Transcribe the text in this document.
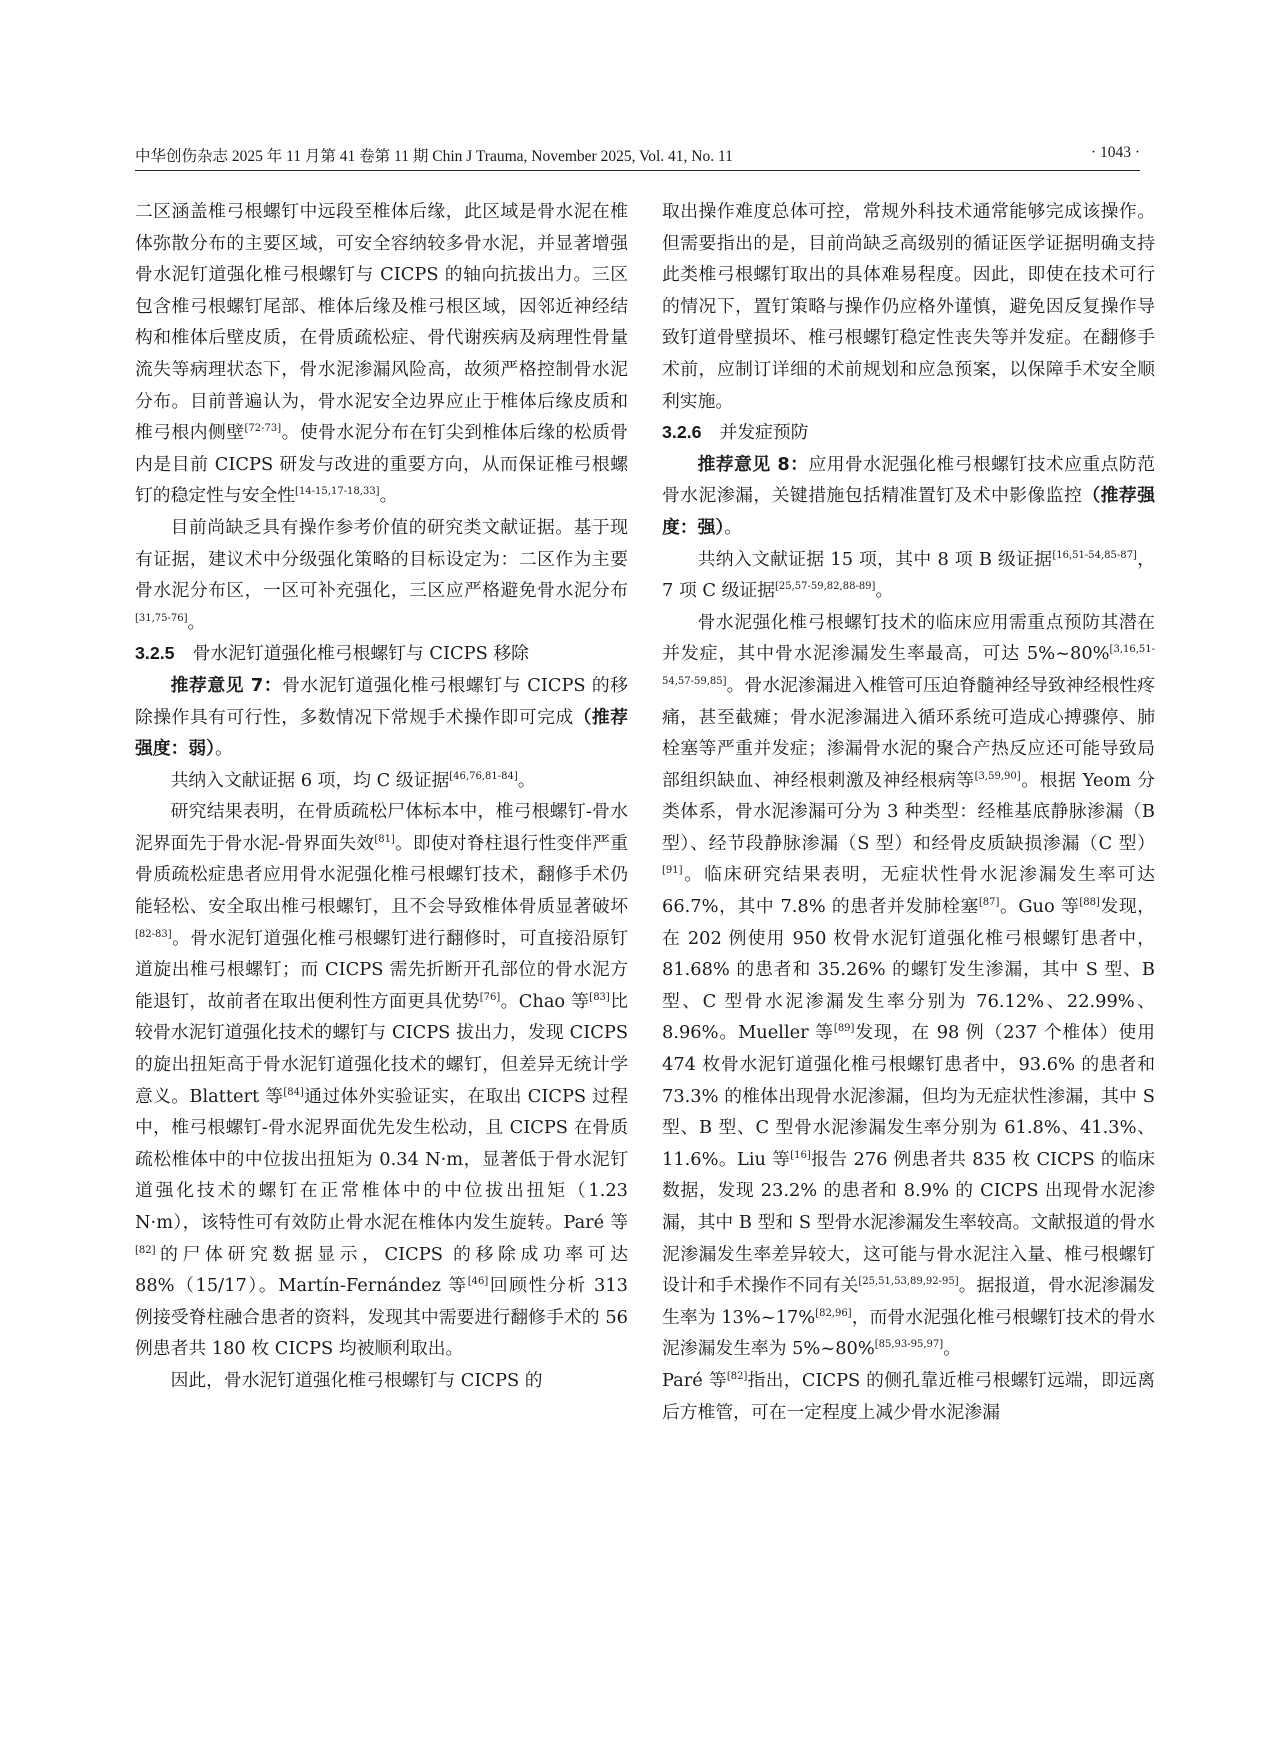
中华创伤杂志 2025 年 11 月第 41 卷第 11 期 Chin J Trauma, November 2025, Vol. 41, No. 11	· 1043 ·

二区涵盖椎弓根螺钉中远段至椎体后缘，此区域是骨水泥在椎体弥散分布的主要区域，可安全容纳较多骨水泥，并显著增强骨水泥钉道强化椎弓根螺钉与 CICPS 的轴向抗拔出力。三区包含椎弓根螺钉尾部、椎体后缘及椎弓根区域，因邻近神经结构和椎体后壁皮质，在骨质疏松症、骨代谢疾病及病理性骨量流失等病理状态下，骨水泥渗漏风险高，故须严格控制骨水泥分布。目前普遍认为，骨水泥安全边界应止于椎体后缘皮质和椎弓根内侧壁[72-73]。使骨水泥分布在钉尖到椎体后缘的松质骨内是目前 CICPS 研发与改进的重要方向，从而保证椎弓根螺钉的稳定性与安全性[14-15,17-18,33]。

目前尚缺乏具有操作参考价值的研究类文献证据。基于现有证据，建议术中分级强化策略的目标设定为：二区作为主要骨水泥分布区，一区可补充强化，三区应严格避免骨水泥分布[31,75-76]。

3.2.5 骨水泥钉道强化椎弓根螺钉与 CICPS 移除

推荐意见 7：骨水泥钉道强化椎弓根螺钉与 CICPS 的移除操作具有可行性，多数情况下常规手术操作即可完成（推荐强度：弱）。

共纳入文献证据 6 项，均 C 级证据[46,76,81-84]。

研究结果表明，在骨质疏松尸体标本中，椎弓根螺钉-骨水泥界面先于骨水泥-骨界面失效[81]。即使对脊柱退行性变伴严重骨质疏松症患者应用骨水泥强化椎弓根螺钉技术，翻修手术仍能轻松、安全取出椎弓根螺钉，且不会导致椎体骨质显著破坏[82-83]。骨水泥钉道强化椎弓根螺钉进行翻修时，可直接沿原钉道旋出椎弓根螺钉；而 CICPS 需先折断开孔部位的骨水泥方能退钉，故前者在取出便利性方面更具优势[76]。Chao 等[83]比较骨水泥钉道强化技术的螺钉与 CICPS 拔出力，发现 CICPS 的旋出扭矩高于骨水泥钉道强化技术的螺钉，但差异无统计学意义。Blattert 等[84]通过体外实验证实，在取出 CICPS 过程中，椎弓根螺钉-骨水泥界面优先发生松动，且 CICPS 在骨质疏松椎体中的中位拔出扭矩为 0.34 N·m，显著低于骨水泥钉道强化技术的螺钉在正常椎体中的中位拔出扭矩（1.23 N·m），该特性可有效防止骨水泥在椎体内发生旋转。Paré 等[82]的尸体研究数据显示，CICPS 的移除成功率可达 88%（15/17）。Martín-Fernández 等[46]回顾性分析 313 例接受脊柱融合患者的资料，发现其中需要进行翻修手术的 56 例患者共 180 枚 CICPS 均被顺利取出。

因此，骨水泥钉道强化椎弓根螺钉与 CICPS 的

取出操作难度总体可控，常规外科技术通常能够完成该操作。但需要指出的是，目前尚缺乏高级别的循证医学证据明确支持此类椎弓根螺钉取出的具体难易程度。因此，即使在技术可行的情况下，置钉策略与操作仍应格外谨慎，避免因反复操作导致钉道骨壁损坏、椎弓根螺钉稳定性丧失等并发症。在翻修手术前，应制订详细的术前规划和应急预案，以保障手术安全顺利实施。

3.2.6 并发症预防

推荐意见 8：应用骨水泥强化椎弓根螺钉技术应重点防范骨水泥渗漏，关键措施包括精准置钉及术中影像监控（推荐强度：强）。

共纳入文献证据 15 项，其中 8 项 B 级证据[16,51-54,85-87]，7 项 C 级证据[25,57-59,82,88-89]。

骨水泥强化椎弓根螺钉技术的临床应用需重点预防其潜在并发症，其中骨水泥渗漏发生率最高，可达 5%~80%[3,16,51-54,57-59,85]。骨水泥渗漏进入椎管可压迫脊髓神经导致神经根性疼痛，甚至截瘫；骨水泥渗漏进入循环系统可造成心搏骤停、肺栓塞等严重并发症；渗漏骨水泥的聚合产热反应还可能导致局部组织缺血、神经根刺激及神经根病等[3,59,90]。根据 Yeom 分类体系，骨水泥渗漏可分为 3 种类型：经椎基底静脉渗漏（B 型）、经节段静脉渗漏（S 型）和经骨皮质缺损渗漏（C 型）[91]。临床研究结果表明，无症状性骨水泥渗漏发生率可达 66.7%，其中 7.8% 的患者并发肺栓塞[87]。Guo 等[88]发现，在 202 例使用 950 枚骨水泥钉道强化椎弓根螺钉患者中，81.68% 的患者和 35.26% 的螺钉发生渗漏，其中 S 型、B 型、C 型骨水泥渗漏发生率分别为 76.12%、22.99%、8.96%。Mueller 等[89]发现，在 98 例（237 个椎体）使用 474 枚骨水泥钉道强化椎弓根螺钉患者中，93.6% 的患者和 73.3% 的椎体出现骨水泥渗漏，但均为无症状性渗漏，其中 S 型、B 型、C 型骨水泥渗漏发生率分别为 61.8%、41.3%、11.6%。Liu 等[16]报告 276 例患者共 835 枚 CICPS 的临床数据，发现 23.2% 的患者和 8.9% 的 CICPS 出现骨水泥渗漏，其中 B 型和 S 型骨水泥渗漏发生率较高。文献报道的骨水泥渗漏发生率差异较大，这可能与骨水泥注入量、椎弓根螺钉设计和手术操作不同有关[25,51,53,89,92-95]。据报道，骨水泥渗漏发生率为 13%~17%[82,96]，而骨水泥强化椎弓根螺钉技术的骨水泥渗漏发生率为 5%~80%[85,93-95,97]。

Paré 等[82]指出，CICPS 的侧孔靠近椎弓根螺钉远端，即远离后方椎管，可在一定程度上减少骨水泥渗漏
